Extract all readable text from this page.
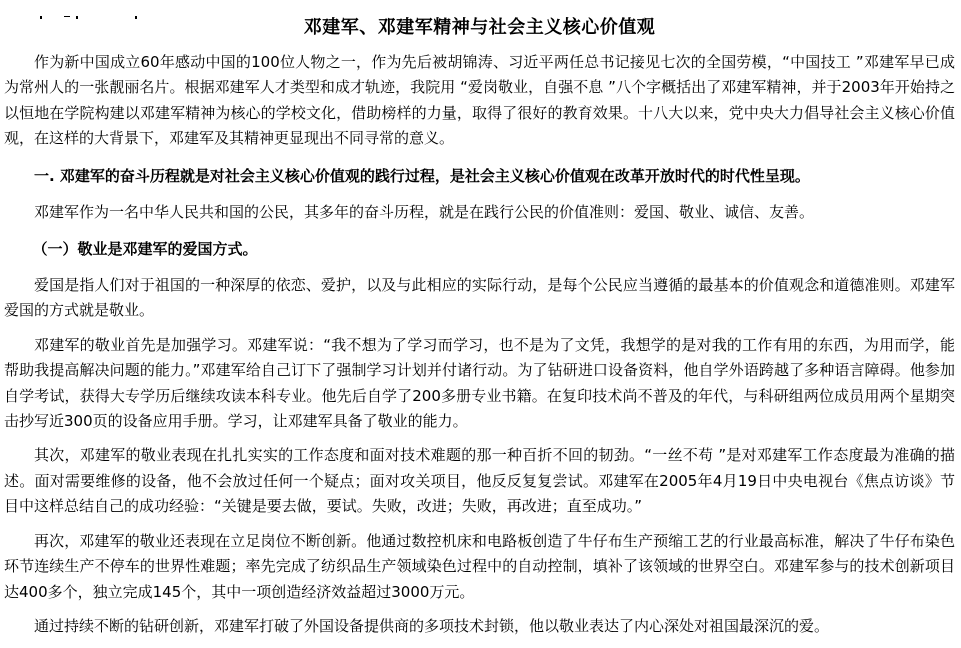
邓建军、邓建军精神与社会主义核心价值观

作为新中国成立60年感动中国的100位人物之一，作为先后被胡锦涛、习近平两任总书记接见七次的全国劳模，“中国技工 ”邓建军早已成为常州人的一张靓丽名片。根据邓建军人才类型和成才轨迹，我院用 “爱岗敬业，自强不息 ”八个字概括出了邓建军精神，并于2003年开始持之以恒地在学院构建以邓建军精神为核心的学校文化，借助榜样的力量，取得了很好的教育效果。十八大以来，党中央大力倡导社会主义核心价值观，在这样的大背景下，邓建军及其精神更显现出不同寻常的意义。

一. 邓建军的奋斗历程就是对社会主义核心价值观的践行过程，是社会主义核心价值观在改革开放时代的时代性呈现。

邓建军作为一名中华人民共和国的公民，其多年的奋斗历程，就是在践行公民的价值准则：爱国、敬业、诚信、友善。

（一）敬业是邓建军的爱国方式。

爱国是指人们对于祖国的一种深厚的依恋、爱护，以及与此相应的实际行动，是每个公民应当遵循的最基本的价值观念和道德准则。邓建军爱国的方式就是敬业。

邓建军的敬业首先是加强学习。邓建军说：“我不想为了学习而学习，也不是为了文凭，我想学的是对我的工作有用的东西，为用而学，能帮助我提高解决问题的能力。”邓建军给自己订下了强制学习计划并付诸行动。为了钻研进口设备资料，他自学外语跨越了多种语言障碍。他参加自学考试，获得大专学历后继续攻读本科专业。他先后自学了200多册专业书籍。在复印技术尚不普及的年代，与科研组两位成员用两个星期突击抄写近300页的设备应用手册。学习，让邓建军具备了敬业的能力。

其次，邓建军的敬业表现在扎扎实实的工作态度和面对技术难题的那一种百折不回的韧劲。“一丝不苟 ”是对邓建军工作态度最为准确的描述。面对需要维修的设备，他不会放过任何一个疑点；面对攻关项目，他反反复复尝试。邓建军在2005年4月19日中央电视台《焦点访谈》节目中这样总结自己的成功经验：“关键是要去做，要试。失败，改进；失败，再改进；直至成功。”

再次，邓建军的敬业还表现在立足岗位不断创新。他通过数控机床和电路板创造了牛仔布生产预缩工艺的行业最高标准，解决了牛仔布染色环节连续生产不停车的世界性难题；率先完成了纺织品生产领域染色过程中的自动控制，填补了该领域的世界空白。邓建军参与的技术创新项目达400多个，独立完成145个，其中一项创造经济效益超过3000万元。

通过持续不断的钻研创新，邓建军打破了外国设备提供商的多项技术封锁，他以敬业表达了内心深处对祖国最深沉的爱。
